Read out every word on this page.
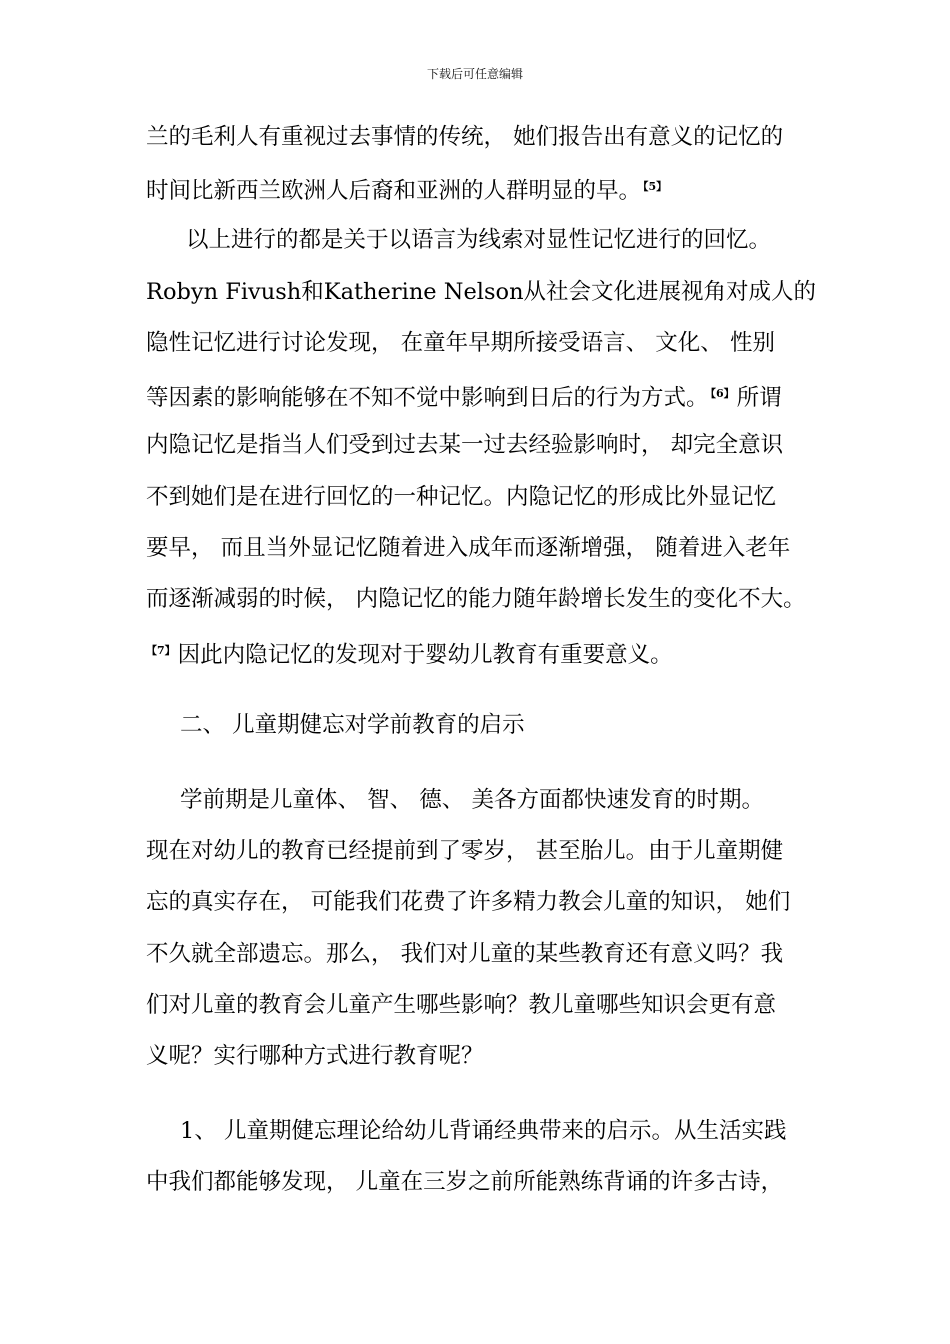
下载后可任意编辑
兰的毛利人有重视过去事情的传统， 她们报告出有意义的记忆的
时间比新西兰欧洲人后裔和亚洲的人群明显的早。 $^{【5】}$
以上进行的都是关于以语言为线索对显性记忆进行的回忆。
Robyn Fivush和Katherine Nelson从社会文化进展视角对成人的
隐性记忆进行讨论发现， 在童年早期所接受语言、 文化、 性别
等因素的影响能够在不知不觉中影响到日后的行为方式。 $^{【6】}$所谓
内隐记忆是指当人们受到过去某一过去经验影响时， 却完全意识
不到她们是在进行回忆的一种记忆。内隐记忆的形成比外显记忆
要早， 而且当外显记忆随着进入成年而逐渐增强， 随着进入老年
而逐渐减弱的时候， 内隐记忆的能力随年龄增长发生的变化不大。
$^{【7】}$因此内隐记忆的发现对于婴幼儿教育有重要意义。
二、 儿童期健忘对学前教育的启示
学前期是儿童体、 智、 德、 美各方面都快速发育的时期。
现在对幼儿的教育已经提前到了零岁， 甚至胎儿。由于儿童期健
忘的真实存在， 可能我们花费了许多精力教会儿童的知识， 她们
不久就全部遗忘。那么， 我们对儿童的某些教育还有意义吗？我
们对儿童的教育会儿童产生哪些影响？教儿童哪些知识会更有意
义呢？实行哪种方式进行教育呢？
1、 儿童期健忘理论给幼儿背诵经典带来的启示。从生活实践
中我们都能够发现， 儿童在三岁之前所能熟练背诵的许多古诗，
